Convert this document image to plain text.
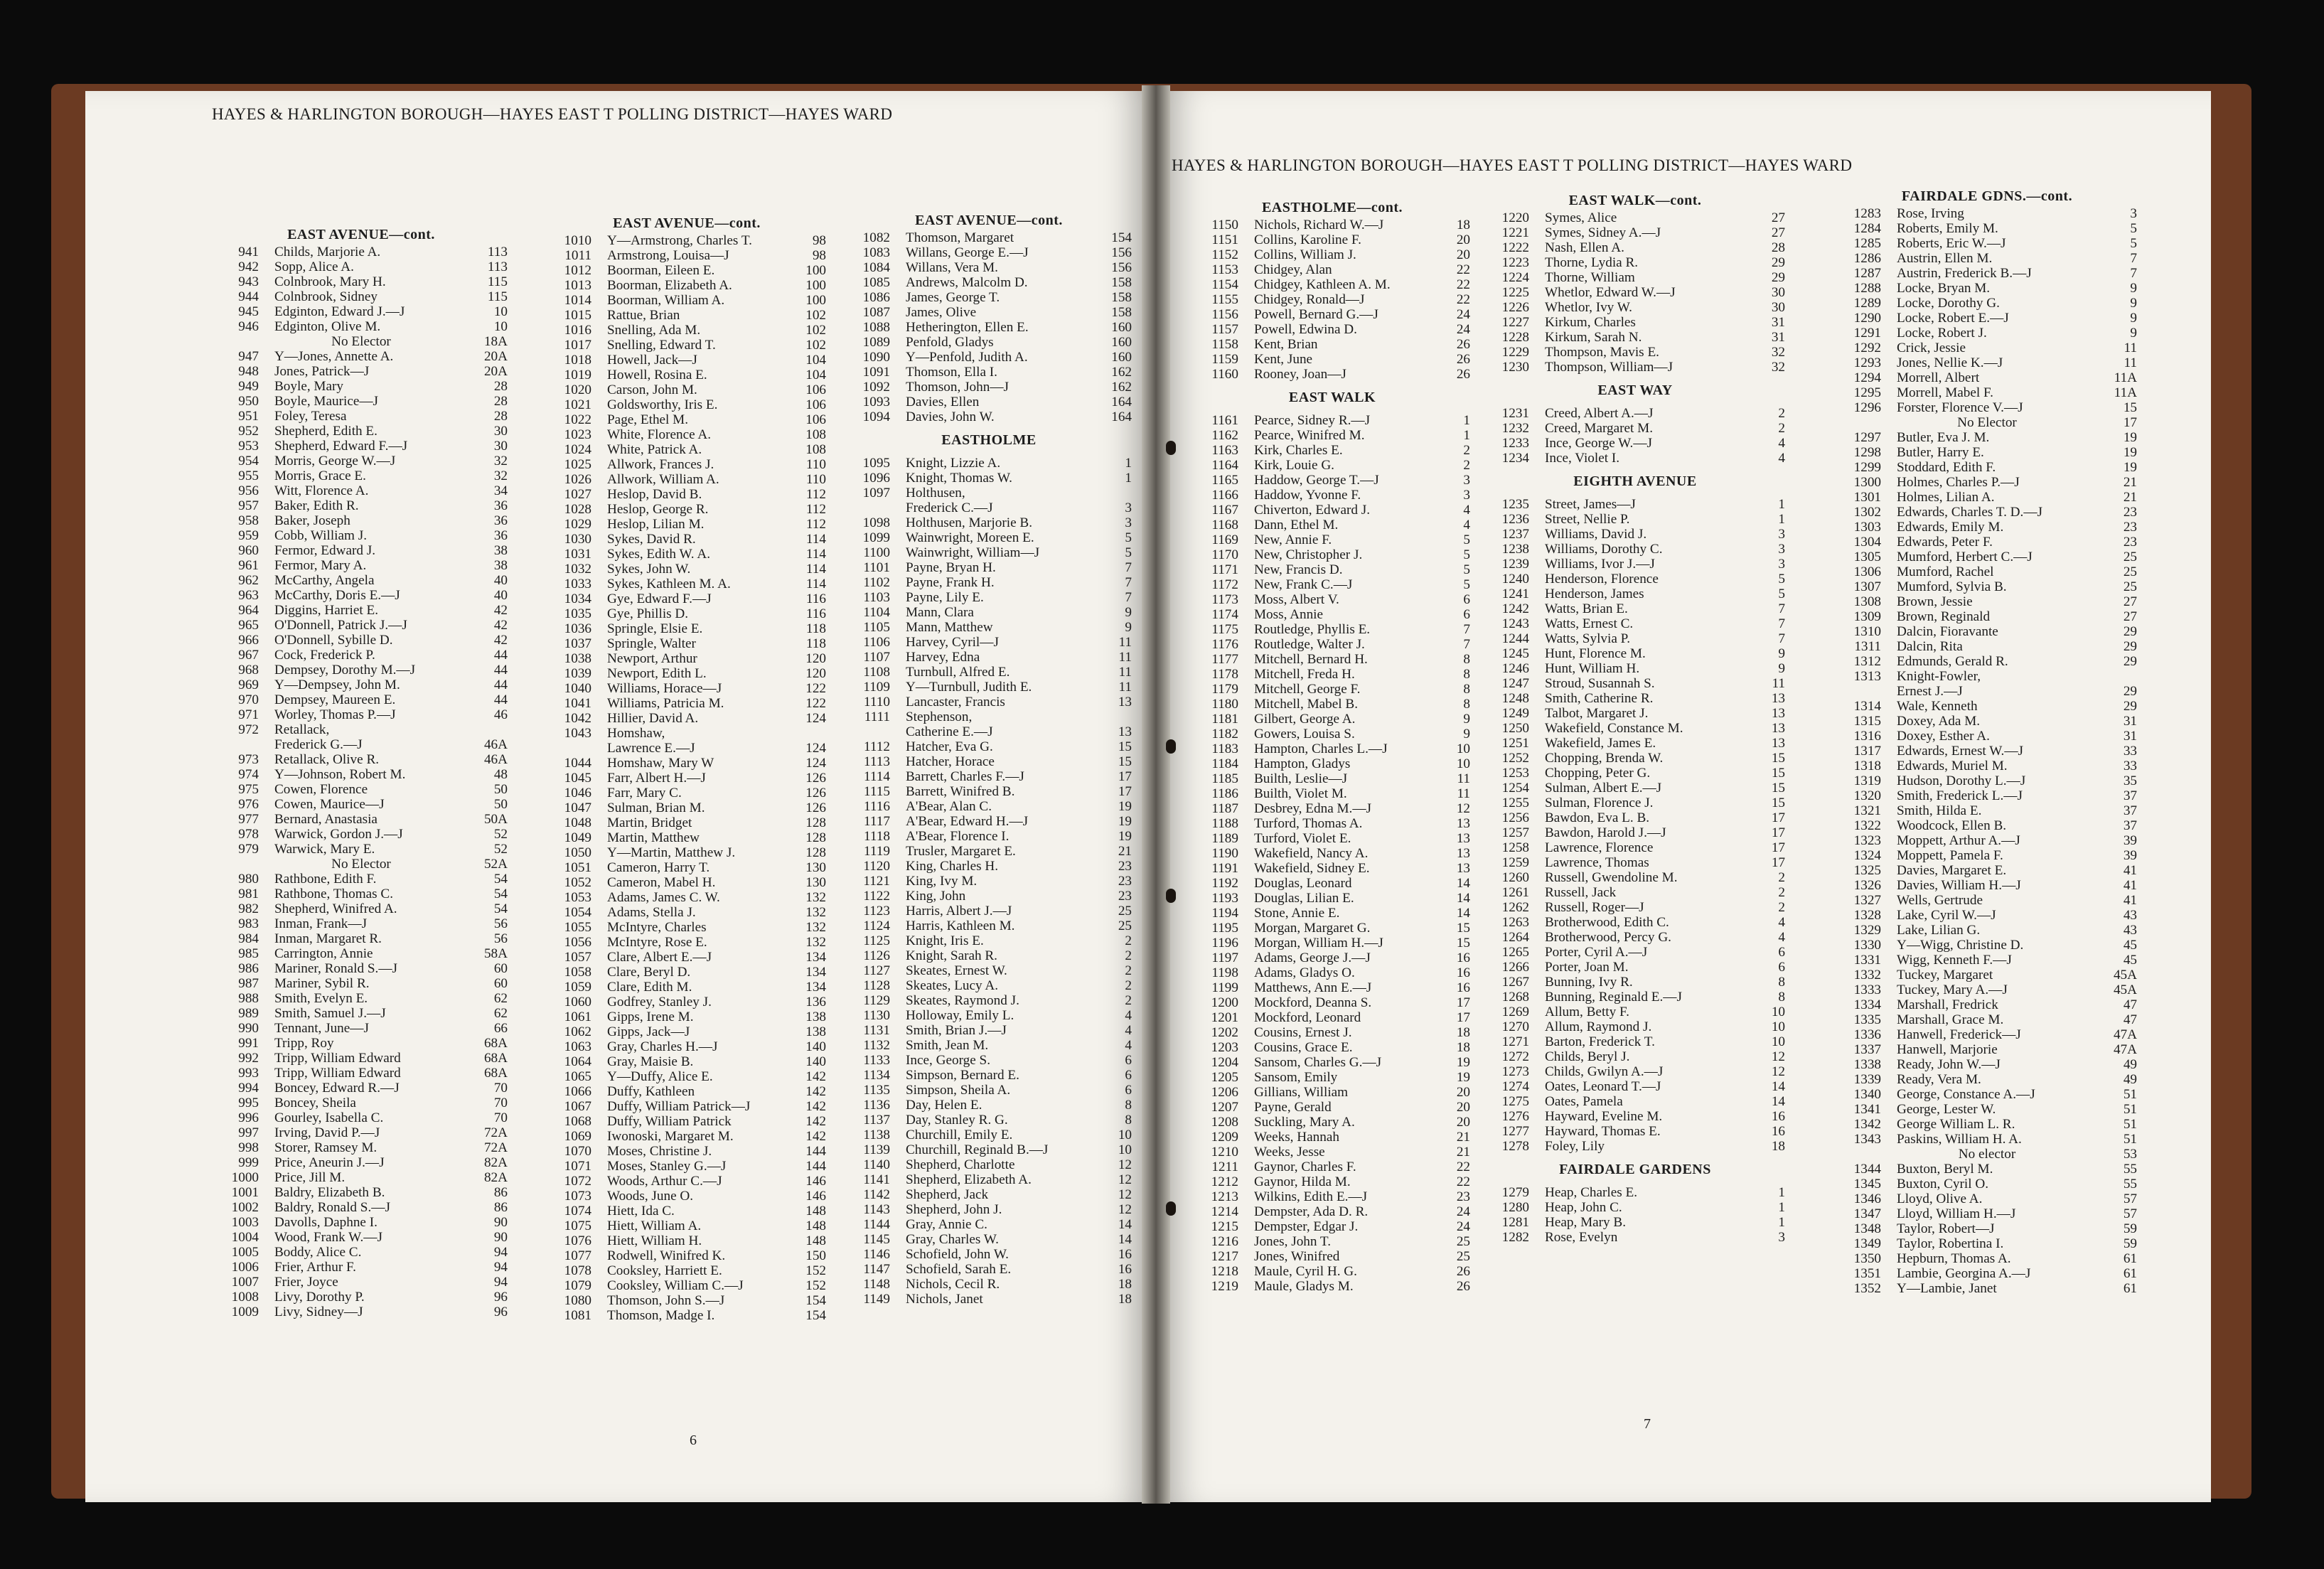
HAYES & HARLINGTON BOROUGH—HAYES EAST T POLLING DISTRICT—HAYES WARD
HAYES & HARLINGTON BOROUGH—HAYES EAST T POLLING DISTRICT—HAYES WARD
EAST AVENUE—cont.
941 Childs, Marjorie A.	113
942 Sopp, Alice A.	113
943 Colnbrook, Mary H.	115
944 Colnbrook, Sidney	115
945 Edginton, Edward J.—J	10
946 Edginton, Olive M.	10
No Elector	18A
947 Y—Jones, Annette A.	20A
948 Jones, Patrick—J	20A
949 Boyle, Mary	28
950 Boyle, Maurice—J	28
951 Foley, Teresa	28
952 Shepherd, Edith E.	30
953 Shepherd, Edward F.—J	30
954 Morris, George W.—J	32
955 Morris, Grace E.	32
956 Witt, Florence A.	34
957 Baker, Edith R.	36
958 Baker, Joseph	36
959 Cobb, William J.	36
960 Fermor, Edward J.	38
961 Fermor, Mary A.	38
962 McCarthy, Angela	40
963 McCarthy, Doris E.—J	40
964 Diggins, Harriet E.	42
965 O'Donnell, Patrick J.—J	42
966 O'Donnell, Sybille D.	42
967 Cock, Frederick P.	44
968 Dempsey, Dorothy M.—J	44
969 Y—Dempsey, John M.	44
970 Dempsey, Maureen E.	44
971 Worley, Thomas P.—J	46
972 Retallack,
Frederick G.—J	46A
973 Retallack, Olive R.	46A
974 Y—Johnson, Robert M.	48
975 Cowen, Florence	50
976 Cowen, Maurice—J	50
977 Bernard, Anastasia	50A
978 Warwick, Gordon J.—J	52
979 Warwick, Mary E.	52
No Elector	52A
980 Rathbone, Edith F.	54
981 Rathbone, Thomas C.	54
982 Shepherd, Winifred A.	54
983 Inman, Frank—J	56
984 Inman, Margaret R.	56
985 Carrington, Annie	58A
986 Mariner, Ronald S.—J	60
987 Mariner, Sybil R.	60
988 Smith, Evelyn E.	62
989 Smith, Samuel J.—J	62
990 Tennant, June—J	66
991 Tripp, Roy	68A
992 Tripp, William Edward	68A
993 Tripp, William Edward	68A
994 Boncey, Edward R.—J	70
995 Boncey, Sheila	70
996 Gourley, Isabella C.	70
997 Irving, David P.—J	72A
998 Storer, Ramsey M.	72A
999 Price, Aneurin J.—J	82A
1000 Price, Jill M.	82A
1001 Baldry, Elizabeth B.	86
1002 Baldry, Ronald S.—J	86
1003 Davolls, Daphne I.	90
1004 Wood, Frank W.—J	90
1005 Boddy, Alice C.	94
1006 Frier, Arthur F.	94
1007 Frier, Joyce	94
1008 Livy, Dorothy P.	96
1009 Livy, Sidney—J	96
EAST AVENUE—cont.
1010 Y—Armstrong, Charles T.	98
1011 Armstrong, Louisa—J	98
1012 Boorman, Eileen E.	100
1013 Boorman, Elizabeth A.	100
1014 Boorman, William A.	100
1015 Rattue, Brian	102
1016 Snelling, Ada M.	102
1017 Snelling, Edward T.	102
1018 Howell, Jack—J	104
1019 Howell, Rosina E.	104
1020 Carson, John M.	106
1021 Goldsworthy, Iris E.	106
1022 Page, Ethel M.	106
1023 White, Florence A.	108
1024 White, Patrick A.	108
1025 Allwork, Frances J.	110
1026 Allwork, William A.	110
1027 Heslop, David B.	112
1028 Heslop, George R.	112
1029 Heslop, Lilian M.	112
1030 Sykes, David R.	114
1031 Sykes, Edith W. A.	114
1032 Sykes, John W.	114
1033 Sykes, Kathleen M. A.	114
1034 Gye, Edward F.—J	116
1035 Gye, Phillis D.	116
1036 Springle, Elsie E.	118
1037 Springle, Walter	118
1038 Newport, Arthur	120
1039 Newport, Edith L.	120
1040 Williams, Horace—J	122
1041 Williams, Patricia M.	122
1042 Hillier, David A.	124
1043 Homshaw,
Lawrence E.—J	124
1044 Homshaw, Mary W	124
1045 Farr, Albert H.—J	126
1046 Farr, Mary C.	126
1047 Sulman, Brian M.	126
1048 Martin, Bridget	128
1049 Martin, Matthew	128
1050 Y—Martin, Matthew J.	128
1051 Cameron, Harry T.	130
1052 Cameron, Mabel H.	130
1053 Adams, James C. W.	132
1054 Adams, Stella J.	132
1055 McIntyre, Charles	132
1056 McIntyre, Rose E.	132
1057 Clare, Albert E.—J	134
1058 Clare, Beryl D.	134
1059 Clare, Edith M.	134
1060 Godfrey, Stanley J.	136
1061 Gipps, Irene M.	138
1062 Gipps, Jack—J	138
1063 Gray, Charles H.—J	140
1064 Gray, Maisie B.	140
1065 Y—Duffy, Alice E.	142
1066 Duffy, Kathleen	142
1067 Duffy, William Patrick—J	142
1068 Duffy, William Patrick	142
1069 Iwonoski, Margaret M.	142
1070 Moses, Christine J.	144
1071 Moses, Stanley G.—J	144
1072 Woods, Arthur C.—J	146
1073 Woods, June O.	146
1074 Hiett, Ida C.	148
1075 Hiett, William A.	148
1076 Hiett, William H.	148
1077 Rodwell, Winifred K.	150
1078 Cooksley, Harriett E.	152
1079 Cooksley, William C.—J	152
1080 Thomson, John S.—J	154
1081 Thomson, Madge I.	154
EAST AVENUE—cont.
1082 Thomson, Margaret	154
1083 Willans, George E.—J	156
1084 Willans, Vera M.	156
1085 Andrews, Malcolm D.	158
1086 James, George T.	158
1087 James, Olive	158
1088 Hetherington, Ellen E.	160
1089 Penfold, Gladys	160
1090 Y—Penfold, Judith A.	160
1091 Thomson, Ella I.	162
1092 Thomson, John—J	162
1093 Davies, Ellen	164
1094 Davies, John W.	164
EASTHOLME
1095 Knight, Lizzie A.	1
1096 Knight, Thomas W.	1
1097 Holthusen,
Frederick C.—J	3
1098 Holthusen, Marjorie B.	3
1099 Wainwright, Moreen E.	5
1100 Wainwright, William—J	5
1101 Payne, Bryan H.	7
1102 Payne, Frank H.	7
1103 Payne, Lily E.	7
1104 Mann, Clara	9
1105 Mann, Matthew	9
1106 Harvey, Cyril—J	11
1107 Harvey, Edna	11
1108 Turnbull, Alfred E.	11
1109 Y—Turnbull, Judith E.	11
1110 Lancaster, Francis	13
1111 Stephenson,
Catherine E.—J	13
1112 Hatcher, Eva G.	15
1113 Hatcher, Horace	15
1114 Barrett, Charles F.—J	17
1115 Barrett, Winifred B.	17
1116 A'Bear, Alan C.	19
1117 A'Bear, Edward H.—J	19
1118 A'Bear, Florence I.	19
1119 Trusler, Margaret E.	21
1120 King, Charles H.	23
1121 King, Ivy M.	23
1122 King, John	23
1123 Harris, Albert J.—J	25
1124 Harris, Kathleen M.	25
1125 Knight, Iris E.	2
1126 Knight, Sarah R.	2
1127 Skeates, Ernest W.	2
1128 Skeates, Lucy A.	2
1129 Skeates, Raymond J.	2
1130 Holloway, Emily L.	4
1131 Smith, Brian J.—J	4
1132 Smith, Jean M.	4
1133 Ince, George S.	6
1134 Simpson, Bernard E.	6
1135 Simpson, Sheila A.	6
1136 Day, Helen E.	8
1137 Day, Stanley R. G.	8
1138 Churchill, Emily E.	10
1139 Churchill, Reginald B.—J	10
1140 Shepherd, Charlotte	12
1141 Shepherd, Elizabeth A.	12
1142 Shepherd, Jack	12
1143 Shepherd, John J.	12
1144 Gray, Annie C.	14
1145 Gray, Charles W.	14
1146 Schofield, John W.	16
1147 Schofield, Sarah E.	16
1148 Nichols, Cecil R.	18
1149 Nichols, Janet	18
EASTHOLME—cont.
1150 Nichols, Richard W.—J	18
1151 Collins, Karoline F.	20
1152 Collins, William J.	20
1153 Chidgey, Alan	22
1154 Chidgey, Kathleen A. M.	22
1155 Chidgey, Ronald—J	22
1156 Powell, Bernard G.—J	24
1157 Powell, Edwina D.	24
1158 Kent, Brian	26
1159 Kent, June	26
1160 Rooney, Joan—J	26
EAST WALK
1161 Pearce, Sidney R.—J	1
1162 Pearce, Winifred M.	1
1163 Kirk, Charles E.	2
1164 Kirk, Louie G.	2
1165 Haddow, George T.—J	3
1166 Haddow, Yvonne F.	3
1167 Chiverton, Edward J.	4
1168 Dann, Ethel M.	4
1169 New, Annie F.	5
1170 New, Christopher J.	5
1171 New, Francis D.	5
1172 New, Frank C.—J	5
1173 Moss, Albert V.	6
1174 Moss, Annie	6
1175 Routledge, Phyllis E.	7
1176 Routledge, Walter J.	7
1177 Mitchell, Bernard H.	8
1178 Mitchell, Freda H.	8
1179 Mitchell, George F.	8
1180 Mitchell, Mabel B.	8
1181 Gilbert, George A.	9
1182 Gowers, Louisa S.	9
1183 Hampton, Charles L.—J	10
1184 Hampton, Gladys	10
1185 Builth, Leslie—J	11
1186 Builth, Violet M.	11
1187 Desbrey, Edna M.—J	12
1188 Turford, Thomas A.	13
1189 Turford, Violet E.	13
1190 Wakefield, Nancy A.	13
1191 Wakefield, Sidney E.	13
1192 Douglas, Leonard	14
1193 Douglas, Lilian E.	14
1194 Stone, Annie E.	14
1195 Morgan, Margaret G.	15
1196 Morgan, William H.—J	15
1197 Adams, George J.—J	16
1198 Adams, Gladys O.	16
1199 Matthews, Ann E.—J	16
1200 Mockford, Deanna S.	17
1201 Mockford, Leonard	17
1202 Cousins, Ernest J.	18
1203 Cousins, Grace E.	18
1204 Sansom, Charles G.—J	19
1205 Sansom, Emily	19
1206 Gillians, William	20
1207 Payne, Gerald	20
1208 Suckling, Mary A.	20
1209 Weeks, Hannah	21
1210 Weeks, Jesse	21
1211 Gaynor, Charles F.	22
1212 Gaynor, Hilda M.	22
1213 Wilkins, Edith E.—J	23
1214 Dempster, Ada D. R.	24
1215 Dempster, Edgar J.	24
1216 Jones, John T.	25
1217 Jones, Winifred	25
1218 Maule, Cyril H. G.	26
1219 Maule, Gladys M.	26
EAST WALK—cont.
1220 Symes, Alice	27
1221 Symes, Sidney A.—J	27
1222 Nash, Ellen A.	28
1223 Thorne, Lydia R.	29
1224 Thorne, William	29
1225 Whetlor, Edward W.—J	30
1226 Whetlor, Ivy W.	30
1227 Kirkum, Charles	31
1228 Kirkum, Sarah N.	31
1229 Thompson, Mavis E.	32
1230 Thompson, William—J	32
EAST WAY
1231 Creed, Albert A.—J	2
1232 Creed, Margaret M.	2
1233 Ince, George W.—J	4
1234 Ince, Violet I.	4
EIGHTH AVENUE
1235 Street, James—J	1
1236 Street, Nellie P.	1
1237 Williams, David J.	3
1238 Williams, Dorothy C.	3
1239 Williams, Ivor J.—J	3
1240 Henderson, Florence	5
1241 Henderson, James	5
1242 Watts, Brian E.	7
1243 Watts, Ernest C.	7
1244 Watts, Sylvia P.	7
1245 Hunt, Florence M.	9
1246 Hunt, William H.	9
1247 Stroud, Susannah S.	11
1248 Smith, Catherine R.	13
1249 Talbot, Margaret J.	13
1250 Wakefield, Constance M.	13
1251 Wakefield, James E.	13
1252 Chopping, Brenda W.	15
1253 Chopping, Peter G.	15
1254 Sulman, Albert E.—J	15
1255 Sulman, Florence J.	15
1256 Bawdon, Eva L. B.	17
1257 Bawdon, Harold J.—J	17
1258 Lawrence, Florence	17
1259 Lawrence, Thomas	17
1260 Russell, Gwendoline M.	2
1261 Russell, Jack	2
1262 Russell, Roger—J	2
1263 Brotherwood, Edith C.	4
1264 Brotherwood, Percy G.	4
1265 Porter, Cyril A.—J	6
1266 Porter, Joan M.	6
1267 Bunning, Ivy R.	8
1268 Bunning, Reginald E.—J	8
1269 Allum, Betty F.	10
1270 Allum, Raymond J.	10
1271 Barton, Frederick T.	10
1272 Childs, Beryl J.	12
1273 Childs, Gwilyn A.—J	12
1274 Oates, Leonard T.—J	14
1275 Oates, Pamela	14
1276 Hayward, Eveline M.	16
1277 Hayward, Thomas E.	16
1278 Foley, Lily	18
FAIRDALE GARDENS
1279 Heap, Charles E.	1
1280 Heap, John C.	1
1281 Heap, Mary B.	1
1282 Rose, Evelyn	3
FAIRDALE GDNS.—cont.
1283 Rose, Irving	3
1284 Roberts, Emily M.	5
1285 Roberts, Eric W.—J	5
1286 Austrin, Ellen M.	7
1287 Austrin, Frederick B.—J	7
1288 Locke, Bryan M.	9
1289 Locke, Dorothy G.	9
1290 Locke, Robert E.—J	9
1291 Locke, Robert J.	9
1292 Crick, Jessie	11
1293 Jones, Nellie K.—J	11
1294 Morrell, Albert	11A
1295 Morrell, Mabel F.	11A
1296 Forster, Florence V.—J	15
No Elector	17
1297 Butler, Eva J. M.	19
1298 Butler, Harry E.	19
1299 Stoddard, Edith F.	19
1300 Holmes, Charles P.—J	21
1301 Holmes, Lilian A.	21
1302 Edwards, Charles T. D.—J	23
1303 Edwards, Emily M.	23
1304 Edwards, Peter F.	23
1305 Mumford, Herbert C.—J	25
1306 Mumford, Rachel	25
1307 Mumford, Sylvia B.	25
1308 Brown, Jessie	27
1309 Brown, Reginald	27
1310 Dalcin, Fioravante	29
1311 Dalcin, Rita	29
1312 Edmunds, Gerald R.	29
1313 Knight-Fowler,
Ernest J.—J	29
1314 Wale, Kenneth	29
1315 Doxey, Ada M.	31
1316 Doxey, Esther A.	31
1317 Edwards, Ernest W.—J	33
1318 Edwards, Muriel M.	33
1319 Hudson, Dorothy L.—J	35
1320 Smith, Frederick L.—J	37
1321 Smith, Hilda E.	37
1322 Woodcock, Ellen B.	37
1323 Moppett, Arthur A.—J	39
1324 Moppett, Pamela F.	39
1325 Davies, Margaret E.	41
1326 Davies, William H.—J	41
1327 Wells, Gertrude	41
1328 Lake, Cyril W.—J	43
1329 Lake, Lilian G.	43
1330 Y—Wigg, Christine D.	45
1331 Wigg, Kenneth F.—J	45
1332 Tuckey, Margaret	45A
1333 Tuckey, Mary A.—J	45A
1334 Marshall, Fredrick	47
1335 Marshall, Grace M.	47
1336 Hanwell, Frederick—J	47A
1337 Hanwell, Marjorie	47A
1338 Ready, John W.—J	49
1339 Ready, Vera M.	49
1340 George, Constance A.—J	51
1341 George, Lester W.	51
1342 George William L. R.	51
1343 Paskins, William H. A.	51
No elector	53
1344 Buxton, Beryl M.	55
1345 Buxton, Cyril O.	55
1346 Lloyd, Olive A.	57
1347 Lloyd, William H.—J	57
1348 Taylor, Robert—J	59
1349 Taylor, Robertina I.	59
1350 Hepburn, Thomas A.	61
1351 Lambie, Georgina A.—J	61
1352 Y—Lambie, Janet	61
6
7
